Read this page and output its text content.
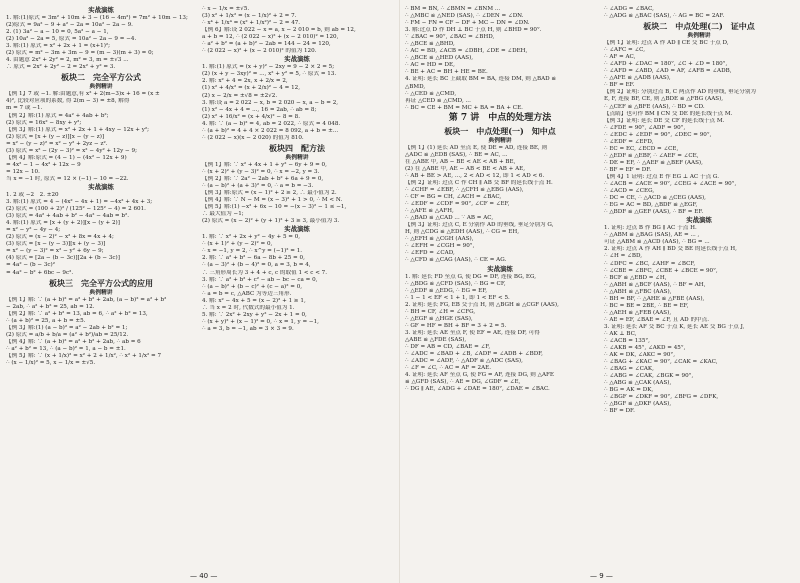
实战演练
1. 解:(1)原式 = 3m² + 10m + 3 − (16 − 4m²) = 7m² + 10m − 13;
(2)原式 = 9a² − 9 + a² − 2a = 10a² − 2a − 9.
2. (1) 3a² − a − 10 = 0, 5a² − a − 1,
(2) 10a² − 2a = 5, 原式 = 10a² − 2a − 9 = −4.
3. 解:(1) 原式 = x² + 2x + 1 = (x+1)²;
(2) 原式 = m² − 3m + 3m − 9 = (m − 3)(m + 3) = 0;
4. 由题意 2x² + 2y² = 2, m² = 3, m = ±√3 ...
∴ 原式 = 2x² + 2y² − 2 = 2x² + y² = 3.
板块二　完全平方公式
典例精讲
【例 1】7 或 −1. 解:由题意,有 x² + 2(m−3)x + 16 = (x ±
4)², 比较对应项的系数, 得 2(m − 3) = ±8, 解得
m = 7 或 −1.
【例 2】解:(1) 原式 = 4a² + 4ab + b²;
(2) 原式 = 16x² − 8xy + y²;
【例 3】解:(1) 原式 = x² + 2x + 1 + 4xy − 12x + y²;
(2) 原式 = [x + (y − z)][x − (y − z)]
= x² − (y − z)² = x² − y² + 2yz − z².
(3) 原式 = x² − (2y − 3)² = x² − 4y² + 12y − 9;
【例 4】解:原式 = (4 − 1) − (4x² − 12x + 9)
= 4x² − 1 − 4x² + 12x − 9
= 12x − 10.
当 x = −1 时, 原式 = 12 × (−1) − 10 = −22.
实战演练
1. 2 或 −2　2. ±20
3. 解:(1) 原式 = 4 − (4x² − 4x + 1) = −4x² + 4x + 3;
(2) 原式 = (100 + 2)² / (125² − 125² − 4) = 2 601.
(3) 原式 = 4a² + 4ab + b² − 4a² − 4ab = b².
4. 解:(1) 原式 = [x + (y + 2)][x − (y + 2)]
= x² − y² − 4y − 4;
(2) 原式 = (x − 2)² − x² + 8x = 4x + 4;
(3) 原式 = [x − (y − 3)][x + (y − 3)]
= x² − (y − 3)² = x² − y² + 6y − 9;
(4) 原式 = [2a − (b − 3c)][2a + (b − 3c)]
= 4a² − (b − 3c)²
= 4a² − b² + 6bc − 9c².
板块三　完全平方公式的应用
典例精讲
【例 1】解: ∵ (a + b)² = a² + b² + 2ab, (a − b)² = a² + b²
− 2ab, ∴ a² + b² = 25, ab = 12.
【例 2】解: ∵ a² + b² = 13, ab = 6, ∴ a² + b² = 13,
∴ (a + b)² = 25, a + b = ±5.
【例 3】解:(1) (a − b)² = a² − 2ab + b² = 1;
(2) 原式 = a/b + b/a = (a² + b²)/ab = 25/12.
【例 4】解: ∵ (a + b)² = a² + b² + 2ab, ∴ ab = 6
∴ a² + b² = 13, ∴ (a − b)² = 1, a − b = ±1.
【例 5】解: ∵ (x + 1/x)² = x² + 2 + 1/x², ∴ x² + 1/x² = 7
∴ (x − 1/x)² = 5, x − 1/x = ±√5.
∴ x − 1/x = ±√5.
(3) x² + 1/x² = (x − 1/x)² + 2 = 7.
∴ x⁴ + 1/x⁴ = (x² + 1/x²)² − 2 = 47.
【例 6】解:设 2 022 − x = a, x − 2 010 = b, 则 ab = 12,
a + b = 12, ∴ (2 022 − x)² + (x − 2 010)² = 120,
∴ a² + b² = (a + b)² − 2ab = 144 − 24 = 120,
∴ (2 022 − x)² + (x − 2 010)² 的值为 120.
实战演练
1. 解:(1) 原式 = (x + y)² − 2xy = 9 − 2 × 2 = 5;
(2) (x + y − 3xy)² = ..., x² + y² = 5, ∴ 原式 = 13.
2. 解: x² + 4 = 2x, x + 2/x = 2,
(1) x² + 4/x² = (x + 2/x)² − 4 = 12,
(2) x − 2/x = ±√8 = ±2√2.
3. 解:设 a = 2 022 − x, b = 2 020 − x, a − b = 2,
(1) x² − 4x + 4 = ..., 16 = 2ab, ∴ ab = 8;
(2) x² + 16/x² = (x + 4/x)² − 8 = 8.
4. 解: ∵ (a − b)² = 4, ab = 2 022, ∴ 原式 = 4 048.
∴ (a + b)² = 4 + 4 × 2 022 = 8 092, a + b = ±...
∴ (2 022 − x)(x − 2 020) 的值为 810.
板块四　配方法
典例精讲
【例 1】解: ∵ x² + 4x + 1 + y² − 6y + 9 = 0,
∴ (x + 2)² + (y − 3)² = 0, ∴ x = −2, y = 3.
【例 2】解: ∵ 2a² − 2ab + b² + 6a + 9 = 0,
∴ (a − b)² + (a + 3)² = 0, ∴ a = b = −3.
【例 3】解:原式 = (x − 1)² + 2 ≥ 2, ∴ 最小值为 2.
【例 4】解: ∵ N − M = (x − 3)² + 1 > 0, ∴ M < N.
【例 5】解:(1) −x² + 6x − 10 = −(x − 3)² − 1 ≤ −1,
∴ 最大值为 −1;
(2) 原式 = (x − 2)² + (y + 1)² + 3 ≥ 3, 最小值为 3.
实战演练
1. 解: ∵ x² + 2x + y² − 4y + 5 = 0,
∴ (x + 1)² + (y − 2)² = 0,
∴ x = −1, y = 2, ∴ x^y = (−1)² = 1.
2. 解: ∵ a² + b² − 6a − 8b + 25 = 0,
∴ (a − 3)² + (b − 4)² = 0, a = 3, b = 4,
∴ 三角形周长为 3 + 4 + c, c 的取值 1 < c < 7.
3. 解: ∵ a² + b² + c² − ab − bc − ca = 0,
∴ (a − b)² + (b − c)² + (c − a)² = 0,
∴ a = b = c, △ABC 为等边三角形.
4. 解: x² − 4x + 5 = (x − 2)² + 1 ≥ 1,
∴ 当 x = 2 时, 代数式的最小值为 1.
5. 解: ∵ 2x² + 2xy + y² − 2x + 1 = 0,
∴ (x + y)² + (x − 1)² = 0, ∴ x = 1, y = −1,
∴ a = 3, b = −1, ab = 3 × 3 = 9.
∴ BM = BN, ∴ ∠BMN = ∠BNM ...
∴ △MBC ≌ △NED (SAS), ∴ ∠DEN = ∠DN.
∴ FM − FN = CF − DF + MC − DN = ∠DN.
3. 解:过点 D 作 DH ⊥ BC 于点 H, 则 ∠BHD = 90°.
∵ ∠BAC = 90°, ∠BAC = ∠BHD,
∴ △BCE ≌ △BHD,
∴ AC = BD, ∠ACB = ∠DBH, ∠DE = ∠DEH,
∴ △BCE ≌ △HED (AAS),
∴ AC = HD = DE,
∴ BE + AC = BH + HE = BE.
4. 证明: 延长 BC 上截取 BM = BA, 连接 DM, 则 △BAD ≌
△BMD,
∴ △CED ≌ △CMD,
再证 △CED ≌ △CMD, ...
∴ BC = CE + BM = MC + BA = BA + CE.
第 7 讲　中点的处理方法
板块一　中点处理(一)　知中点
典例精讲
【例 1】(1) 延长 AD 至点 E, 使 DE = AD, 连接 BE, 则
△ADC ≌ △EDB (SAS), ∴ BE = AC, ...
在 △ABE 中, AB − BE < AE < AB + BE,
(2) 在 △ABE 中, AE − AB < BE < AB + AE,
∴ AB + BE > AE, ..., 2 < AD < 12, 即 1 < AD < 6.
【例 2】证明: 过点 C 作 CH ∥ AB 交 BF 的延长线于点 H.
∴ ∠CHF = ∠EBF, ∴ △CFH ≌ △EBG (AAS),
∴ CF = BG = CH, ∠ACH = ∠BAC,
∴ ∠EDF = ∠CDF = 90°, ∠CF = ∠EF,
∴ △AFE ≌ △AFH,
∴ △BAD ≌ △CAD ... ∵ AB = AC,
【例 3】证明: 过点 C, E 分别作 AD 的垂线, 垂足分别为 G,
H, 则 △CDG ≌ △EDH (AAS), ∴ CG = EH,
∴ △EFH ≌ △CGH (AAS),
∴ ∠EFH = ∠CGH = 90°,
∴ ∠EFD = ∠CAD,
∴ △CFD ≌ △CAG (AAS), ∴ CE = AG.
实战演练
1. 解: 延长 FD 至点 G, 使 DG = DF, 连接 BG, EG,
∴ △BDG ≌ △CFD (SAS), ∴ BG = CF,
∴ △EDF ≌ △EDG, ∴ EG = EF,
∴ 1 − 1 < EF < 1 + 1, 即 1 < EF < 5.
2. 证明: 延长 FG, EB 交于点 H, 则 △BGH ≌ △CGF (AAS),
∴ BH = CF, ∠H = ∠CFG,
∴ △EGF ≌ △HGE (SAS),
∴ GF = HF = BH + BF = 3 + 2 = 5.
3. 证明: 延长 AE 至点 F, 使 EF = AE, 连接 DF, 可得
△ABE ≌ △FDE (SAS),
∴ DF = AB = CD, ∠BAE = ∠F,
∴ ∠ADC = ∠BAD + ∠B, ∠ADF = ∠ADB + ∠BDF,
∴ ∠ADC = ∠ADF, ∴ △ADF ≌ △ADC (SAS),
∴ ∠F = ∠C, ∴ AC = AF = 2AE.
4. 证明: 延长 AF 至点 G, 使 FG = AF, 连接 DG, 则 △AFE
≌ △GFD (SAS), ∴ AE = DG, ∠GDF = ∠E,
∴ DG ∥ AE, ∠ADG + ∠DAE = 180°, ∠DAE = ∠BAC.
∴ ∠ADG = ∠BAC,
∴ △ADG ≌ △BAC (SAS), ∴ AG = BC = 2AF.
板块二　中点处理(二)　证中点
典例精讲
【例 1】证明: 过点 A 作 AD ∥ CE 交 BC 于点 D,
∴ ∠AFC = ∠C,
∴ AF = AC,
∴ ∠AFD + ∠DAC = 180°, ∠C + ∠D = 180°,
∴ ∠AFD = ∠ABD, ∠AD = AF, ∠AFB = ∠ADB,
∴ △AFE ≌ △ADB (AAS),
∴ BF = EF.
【例 2】证明: 分别过点 B, C 两点作 AD 的垂线, 垂足分别为
E, F, 连接 BF, CE, 则 △BDE ≌ △FBG (AAS),
∴ △CEF ≌ △BFE (AAS), ∴ BD = CD.
【点睛】也可作 BM ∥ CN 交 DE 的延长线于点 M.
【例 3】证明: 延长 DE 交 CF 的延长线于点 M.
∴ ∠FDE = 90°, ∠ADF = 90°,
∴ ∠EDC + ∠EDF = 90°, ∠DEC = 90°,
∴ ∠EDF = ∠EFD,
∴ EC = EC, ∠ECD = ∠CE,
∴ △EDF ≌ △EBF, ∴ ∠AEF = ∠CE,
∴ DE = EF, ∴ △AEF ≌ △BEF (AAS),
∴ BF = EF = DF.
【例 4】1 证明: 过点 E 作 EG ⊥ AC 于点 G.
∴ ∠ACB = ∠ACE = 90°, ∠CEG + ∠ACE = 90°,
∴ ∠ACD = ∠CEG,
∴ DC = CE, ∴ △ACD ≌ △CEG (AAS),
∴ EG = AC = BD, △BDF ≌ △EGF,
∴ △BDF ≌ △GEF (AAS), ∴ BF = EF.
实战演练
1. 证明: 过点 B 作 BG ∥ AC 于点 H.
∴ △ABM ≌ △BAG (SAS), AE = ... ,
可证 △ABM ≌ △ACD (AAS), ∴ BG = ...
2. 证明: 过点 A 作 AH ∥ BD 交 BE 的延长线于点 H,
∴ ∠H = ∠BD,
∴ ∠DFC = ∠BC, ∠AHF = ∠BCF,
∴ ∠CBE = ∠BFC, ∠CBE + ∠BCE = 90°,
∴ BCF ≌ △EBD = ∠H,
∴ △ABH ≌ △BCF (AAS), ∴ BF = AH,
∴ △ABH ≌ △FBC (AAS),
∴ BH = BF, ∴ △AHE ≌ △FBE (AAS),
∴ BC = BE = 2BE, ∴ BE = EF,
∴ △AEH ≌ △FEB (AAS),
∴ AE = EF, ∠BAE = ∠F, 且 AD 的中点.
3. 证明: 延长 AF 交 BC 于点 K, 延长 AE 交 BG 于点 J,
∴ AK ⊥ BC,
∴ ∠ACB = 135°,
∴ ∠AKB = 45°, ∠AKD = 45°,
∴ AK = DK, ∠AKC = 90°,
∴ ∠BAG + ∠KAC = 90°, ∠CAK = ∠KAC,
∴ ∠BAG = ∠CAK,
∴ ∠ABG = ∠CAK, ∠BGK = 90°,
∴ △ABG ≌ △CAK (AAS),
∴ BG = AK = DK,
∴ ∠BGF = ∠DKF = 90°, ∠BFG = ∠DFK,
∴ △BGF ≌ △DKF (AAS),
∴ BF = DF.
— 40 —	— 9 —
